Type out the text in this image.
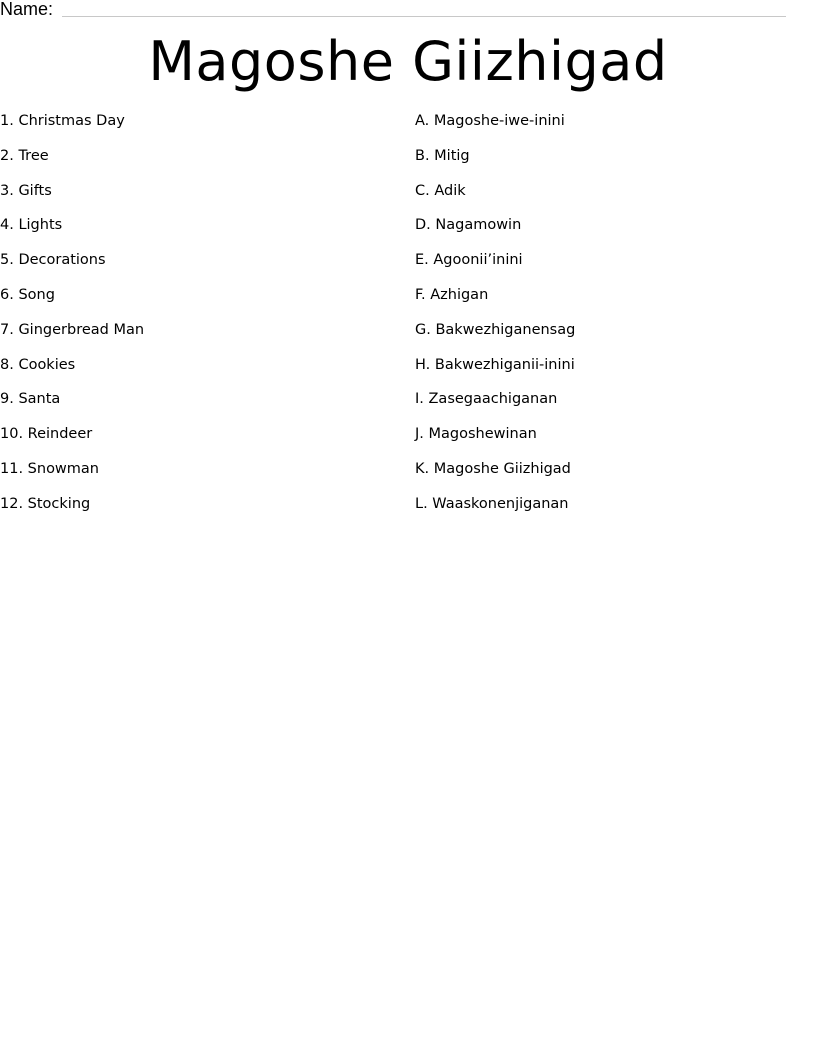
Name:
Magoshe Giizhigad
1. Christmas Day
2. Tree
3. Gifts
4. Lights
5. Decorations
6. Song
7. Gingerbread Man
8. Cookies
9. Santa
10. Reindeer
11. Snowman
12. Stocking
A. Magoshe-iwe-inini
B. Mitig
C. Adik
D. Nagamowin
E. Agoonii’inini
F. Azhigan
G. Bakwezhiganensag
H. Bakwezhiganii-inini
I. Zasegaachiganan
J. Magoshewinan
K. Magoshe Giizhigad
L. Waaskonenjiganan
